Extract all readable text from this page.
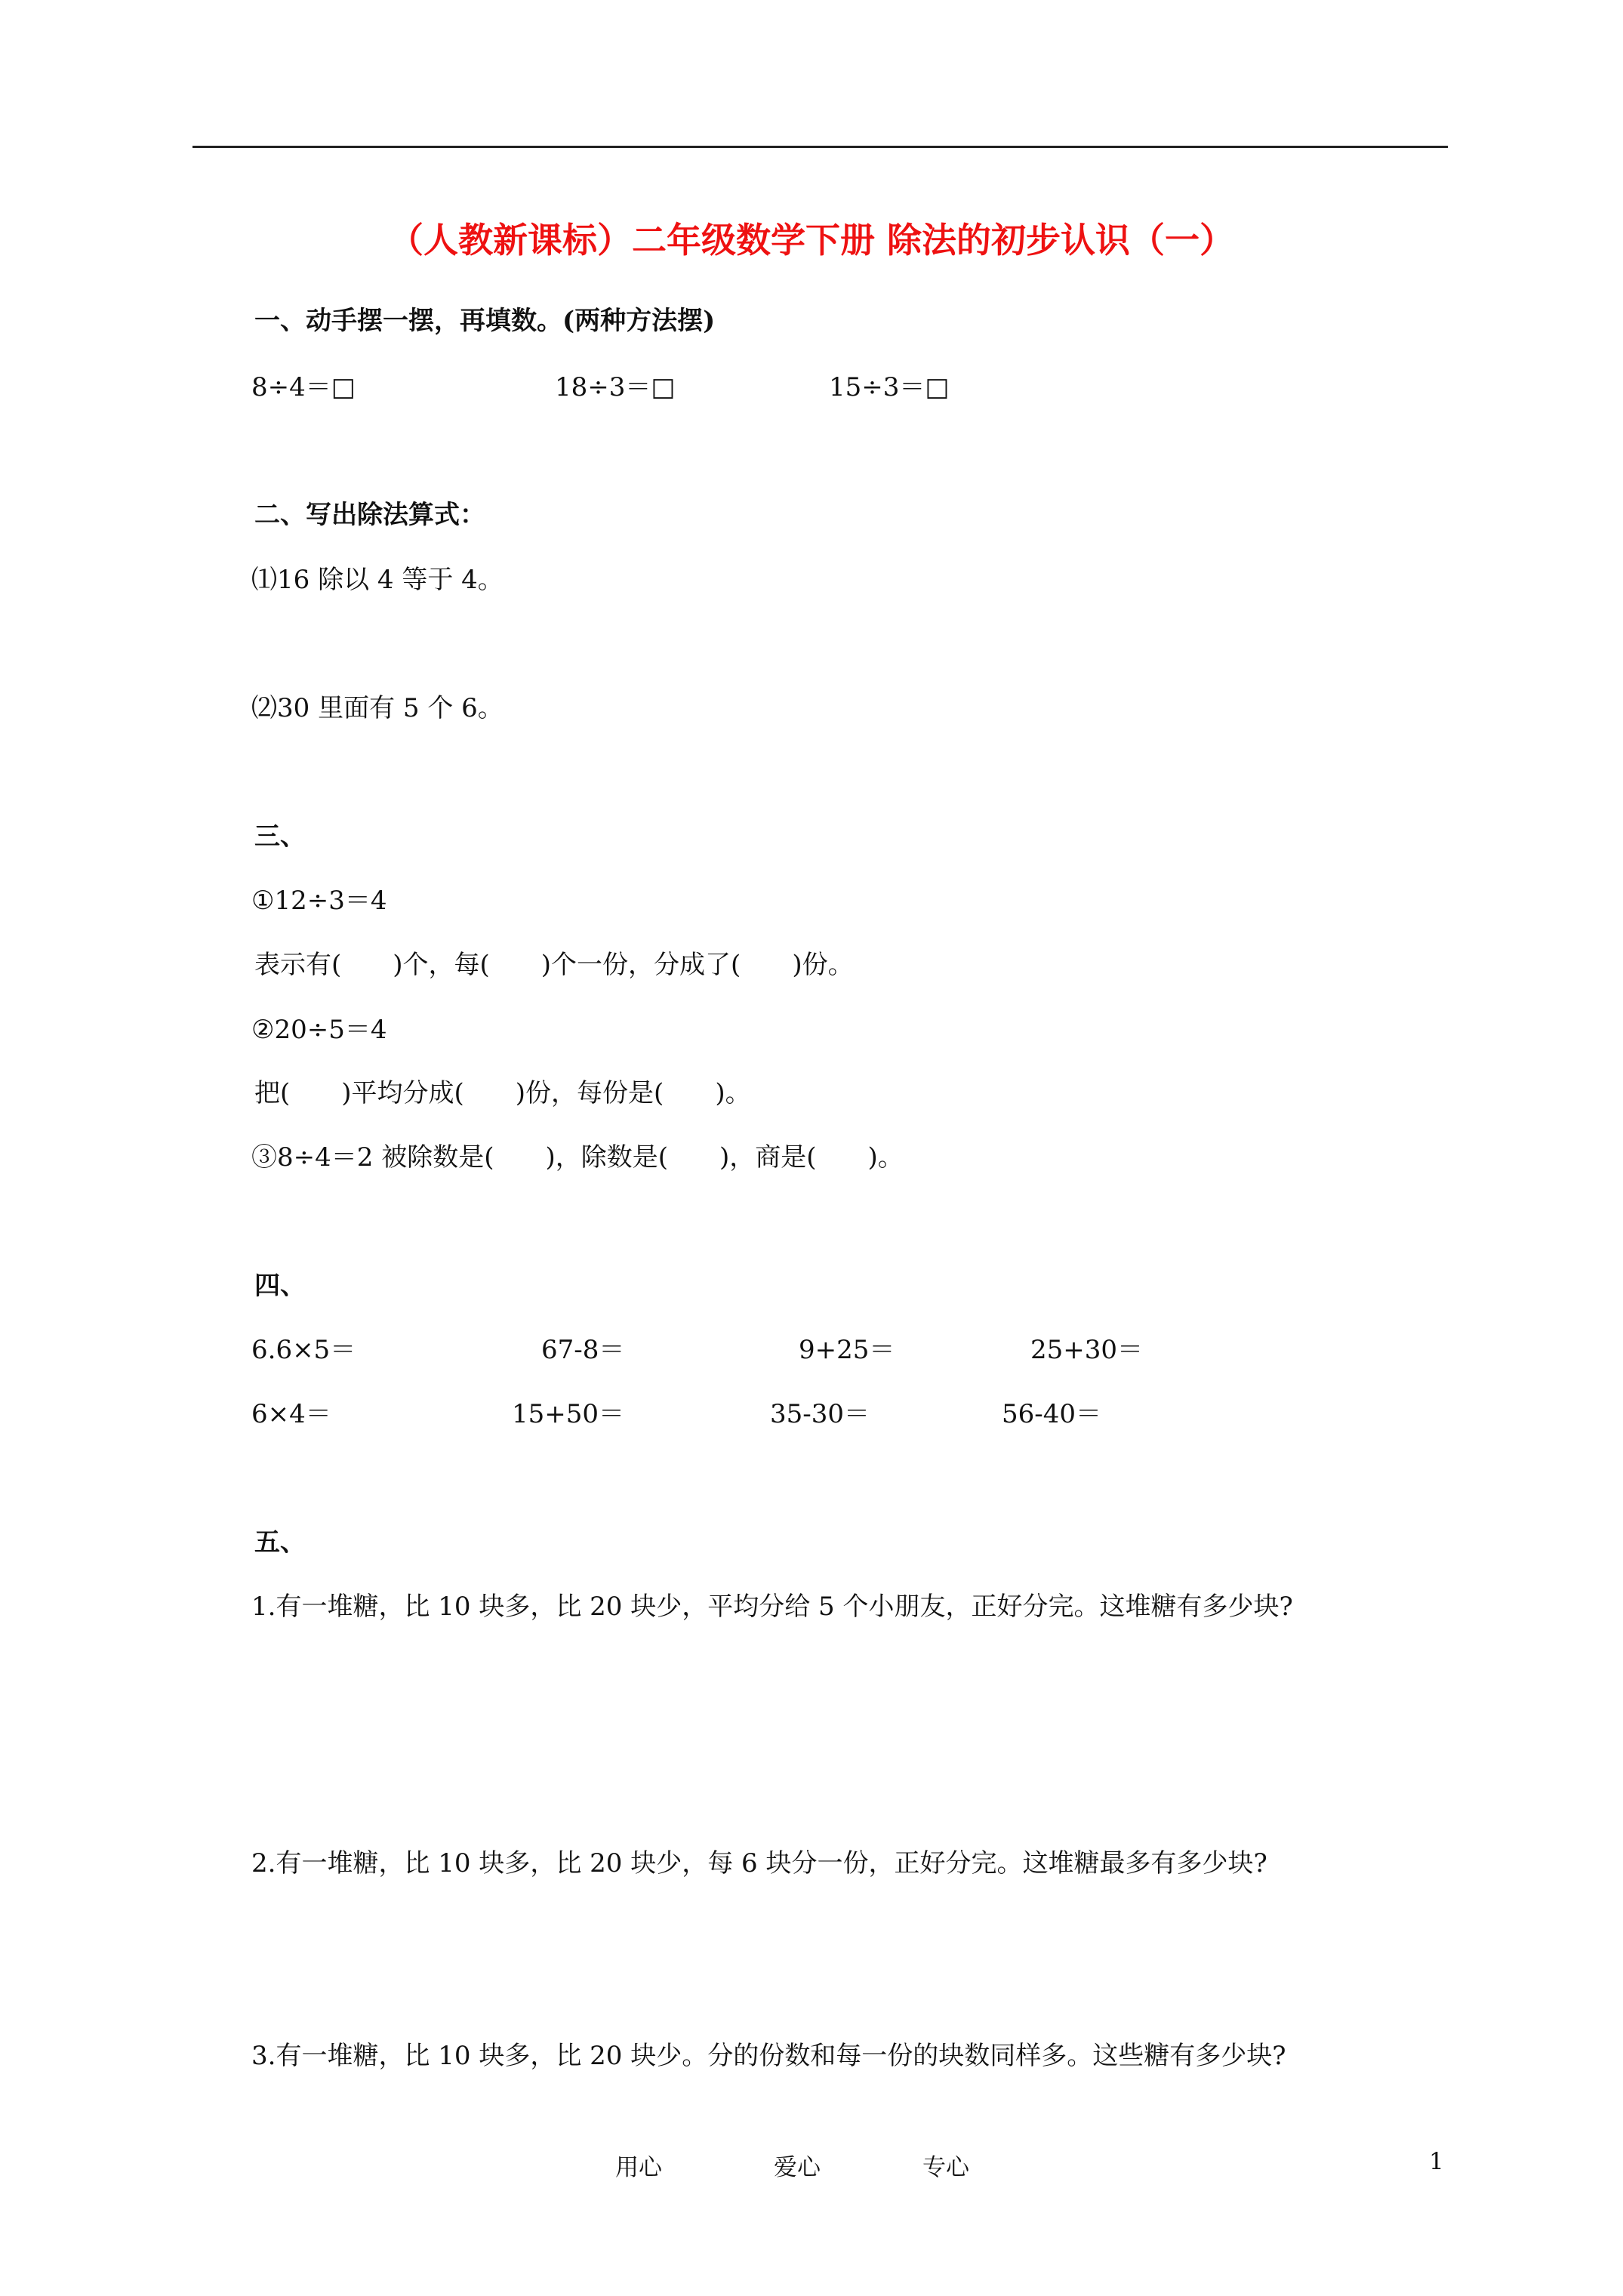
（人教新课标）二年级数学下册 除法的初步认识（一）
一、动手摆一摆，再填数。(两种方法摆)
8÷4＝□	18÷3＝□	15÷3＝□
二、写出除法算式：
⑴16 除以 4 等于 4。
⑵30 里面有 5 个 6。
三、
①12÷3＝4
表示有(　　)个，每(　　)个一份，分成了(　　)份。
②20÷5＝4
把(　　)平均分成(　　)份，每份是(　　)。
③8÷4＝2 被除数是(　　)，除数是(　　)，商是(　　)。
四、
6.6×5＝	67-8＝	9+25＝	25+30＝
6×4＝	15+50＝	35-30＝	56-40＝
五、
1.有一堆糖，比 10 块多，比 20 块少，平均分给 5 个小朋友，正好分完。这堆糖有多少块?
2.有一堆糖，比 10 块多，比 20 块少，每 6 块分一份，正好分完。这堆糖最多有多少块?
3.有一堆糖，比 10 块多，比 20 块少。分的份数和每一份的块数同样多。这些糖有多少块?
用心	爱心	专心	1
